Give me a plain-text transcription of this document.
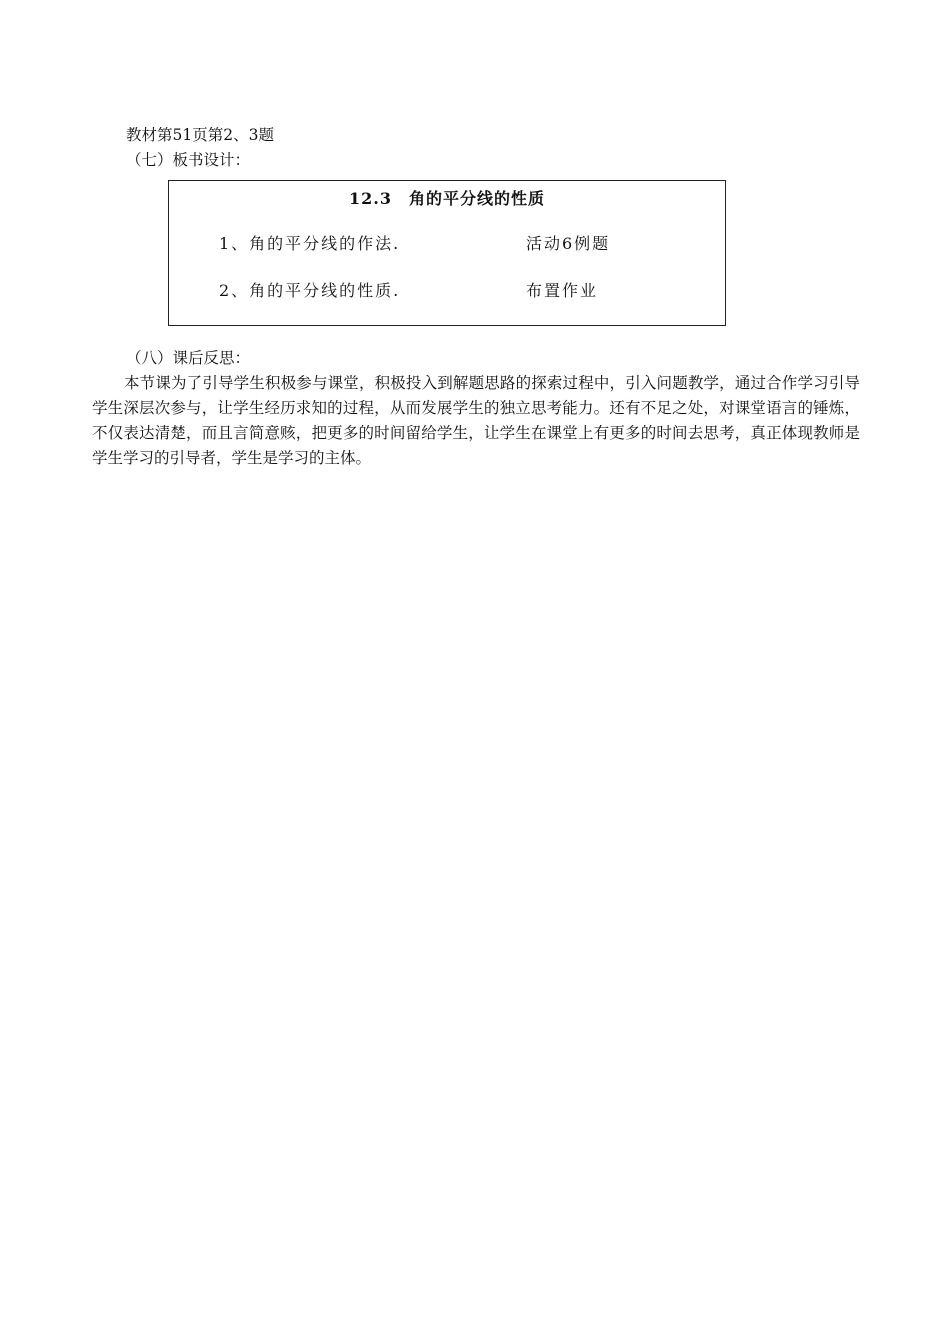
教材第51页第2、3题
（七）板书设计：
12.3　角的平分线的性质
1、角的平分线的作法.	活动6例题
2、角的平分线的性质.	布置作业
（八）课后反思：
本节课为了引导学生积极参与课堂，积极投入到解题思路的探索过程中，引入问题教学，通过合作学习引导学生深层次参与，让学生经历求知的过程，从而发展学生的独立思考能力。还有不足之处，对课堂语言的锤炼，不仅表达清楚，而且言简意赅，把更多的时间留给学生，让学生在课堂上有更多的时间去思考，真正体现教师是学生学习的引导者，学生是学习的主体。
